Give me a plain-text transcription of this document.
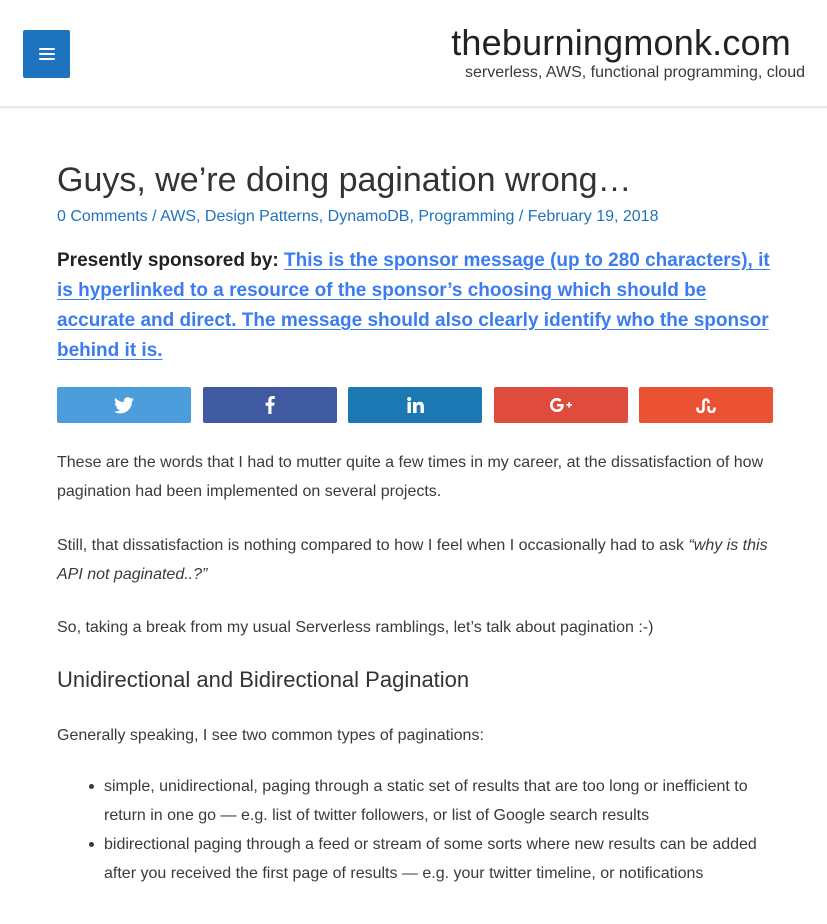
theburningmonk.com
serverless, AWS, functional programming, cloud
Guys, we’re doing pagination wrong…
0 Comments / AWS, Design Patterns, DynamoDB, Programming / February 19, 2018
Presently sponsored by: This is the sponsor message (up to 280 characters), it is hyperlinked to a resource of the sponsor’s choosing which should be accurate and direct. The message should also clearly identify who the sponsor behind it is.

These are the words that I had to mutter quite a few times in my career, at the dissatisfaction of how pagination had been implemented on several projects.

Still, that dissatisfaction is nothing compared to how I feel when I occasionally had to ask “why is this API not paginated..?”

So, taking a break from my usual Serverless ramblings, let’s talk about pagination :-)

Unidirectional and Bidirectional Pagination

Generally speaking, I see two common types of paginations:

simple, unidirectional, paging through a static set of results that are too long or inefficient to return in one go — e.g. list of twitter followers, or list of Google search results
bidirectional paging through a feed or stream of some sorts where new results can be added after you received the first page of results — e.g. your twitter timeline, or notifications
